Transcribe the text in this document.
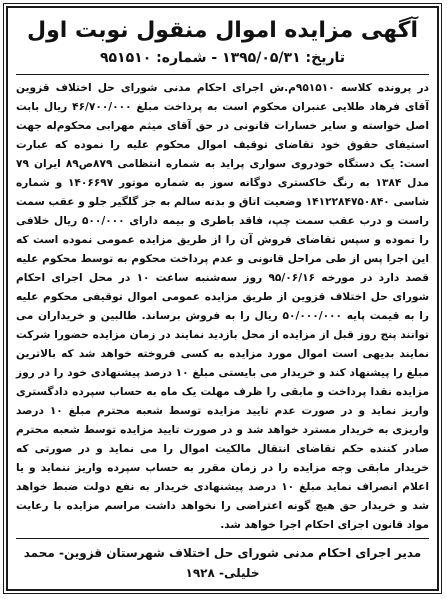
آگهی مزایده اموال منقول نوبت اول
تاریخ: ۱۳۹۵/۰۵/۳۱ - شماره: ۹۵۱۵۱۰

در پرونده کلاسه ۹۵۱۵۱۰م.ش اجرای احکام مدنی شورای حل اختلاف قزوین آقای فرهاد طلایی عنبران محکوم است به پرداخت مبلغ ۴۶/۷۰۰/۰۰۰ ریال بابت اصل خواسته و سایر خسارات قانونی در حق آقای میثم مهرابی محکوم‌له جهت استیفای حقوق خود تقاضای توقیف اموال محکوم علیه را نموده که عبارت است: یک دستگاه خودروی سواری پراید به شماره انتظامی ۸۷۹ص۸۹ ایران ۷۹ مدل ۱۳۸۴ به رنگ خاکستری دوگانه سوز به شماره موتور ۱۴۰۶۶۹۷ و شماره شاسی ۱۴۱۲۲۸۴۷۵۰۸۴۰ وضعیت اتاق و بدنه سالم به جز گلگیر جلو و عقب سمت راست و درب عقب سمت چپ، فاقد باطری و بیمه دارای ۵۰۰/۰۰۰ ریال خلافی را نموده و سپس تقاضای فروش آن را از طریق مزایده عمومی نموده است که این اجرا پس از طی مراحل قانونی و عدم پرداخت محکوم به توسط محکوم علیه قصد دارد در مورخه ۹۵/۰۶/۱۶ روز سه‌شنبه ساعت ۱۰ در محل اجرای احکام شورای حل اختلاف قزوین از طریق مزایده عمومی اموال توقیفی محکوم علیه را به قیمت پایه ۵۰/۰۰۰/۰۰۰ ریال را به فروش برساند. طالبین و خریداران می توانند پنج روز قبل از مزایده از محل بازدید نمایند در زمان مزایده حضورا شرکت نمایند بدیهی است اموال مورد مزایده به کسی فروخته خواهد شد که بالاترین مبلغ را پیشنهاد کند و خریدار می بایستی مبلغ ۱۰ درصد پیشنهادی خود را در روز مزایده نقدا پرداخت و مابقی را ظرف مهلت یک ماه به حساب سپرده دادگستری واریز نماید و در صورت عدم تایید مزایده توسط شعبه محترم مبلغ ۱۰ درصد واریزی به خریدار مسترد خواهد شد و در صورت تایید مزایده توسط شعبه محترم صادر کننده حکم تقاضای انتقال مالکیت اموال را می نماید و در صورتی که خریدار مابقی وجه مزایده را در زمان مقرر به حساب سپرده واریز ننماید و یا اعلام انصراف نماید مبلغ ۱۰ درصد پیشنهادی خریدار به نفع دولت ضبط خواهد شد و خریدار حق هیچ گونه اعتراضی را نخواهد داشت مراسم مزایده با رعایت مواد قانون اجرای احکام اجرا خواهد شد.

مدیر اجرای احکام مدنی شورای حل اختلاف شهرستان قزوین- محمد خلیلی- ۱۹۲۸
